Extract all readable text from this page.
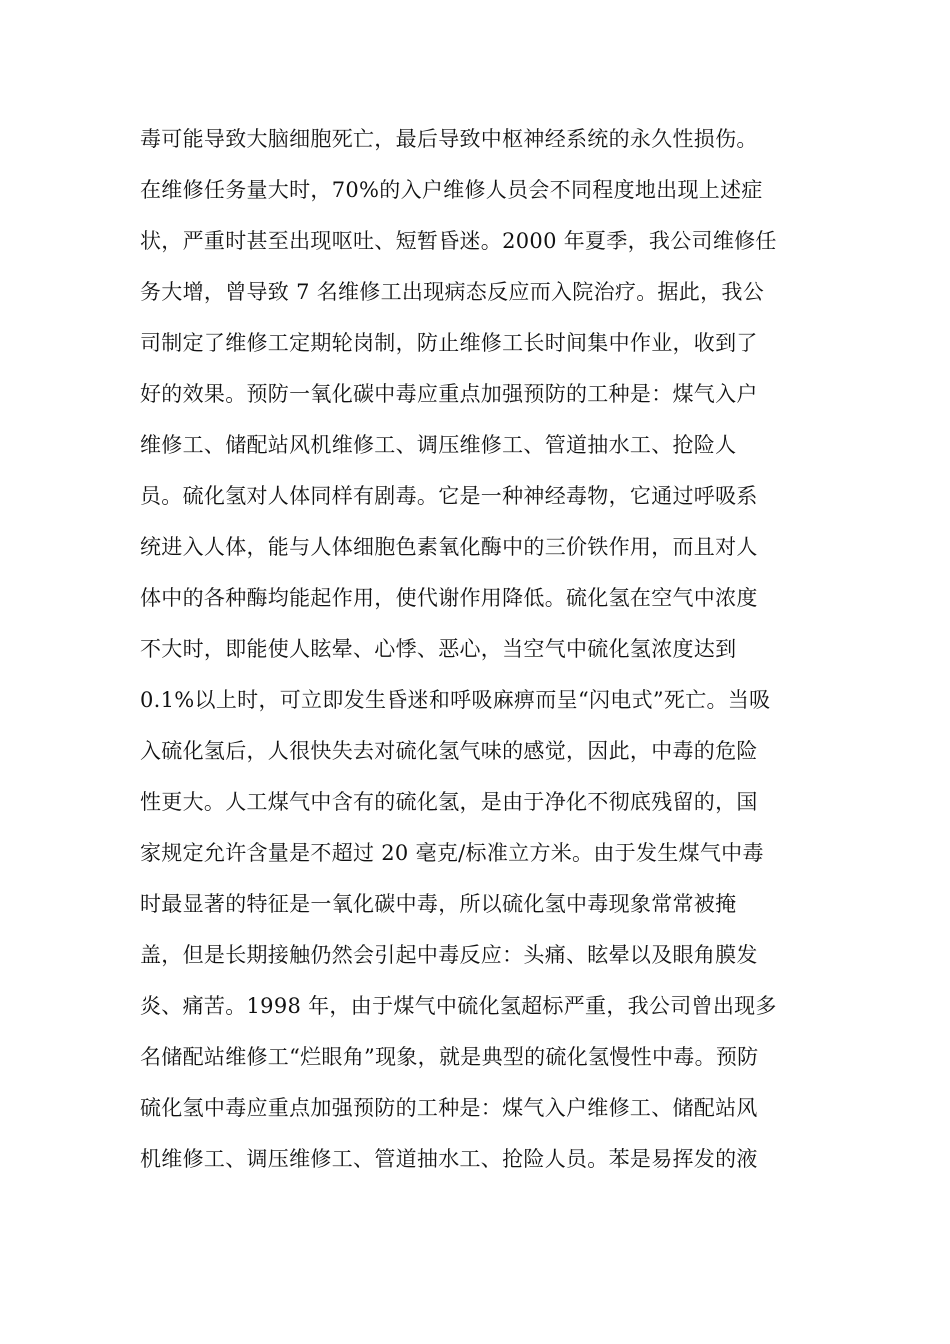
毒可能导致大脑细胞死亡，最后导致中枢神经系统的永久性损伤。
在维修任务量大时，70%的入户维修人员会不同程度地出现上述症
状，严重时甚至出现呕吐、短暂昏迷。2000 年夏季，我公司维修任
务大增，曾导致 7 名维修工出现病态反应而入院治疗。据此，我公
司制定了维修工定期轮岗制，防止维修工长时间集中作业，收到了
好的效果。预防一氧化碳中毒应重点加强预防的工种是：煤气入户
维修工、储配站风机维修工、调压维修工、管道抽水工、抢险人
员。硫化氢对人体同样有剧毒。它是一种神经毒物，它通过呼吸系
统进入人体，能与人体细胞色素氧化酶中的三价铁作用，而且对人
体中的各种酶均能起作用，使代谢作用降低。硫化氢在空气中浓度
不大时，即能使人眩晕、心悸、恶心，当空气中硫化氢浓度达到
0.1%以上时，可立即发生昏迷和呼吸麻痹而呈“闪电式”死亡。当吸
入硫化氢后，人很快失去对硫化氢气味的感觉，因此，中毒的危险
性更大。人工煤气中含有的硫化氢，是由于净化不彻底残留的，国
家规定允许含量是不超过 20 毫克/标准立方米。由于发生煤气中毒
时最显著的特征是一氧化碳中毒，所以硫化氢中毒现象常常被掩
盖，但是长期接触仍然会引起中毒反应：头痛、眩晕以及眼角膜发
炎、痛苦。1998 年，由于煤气中硫化氢超标严重，我公司曾出现多
名储配站维修工“烂眼角”现象，就是典型的硫化氢慢性中毒。预防
硫化氢中毒应重点加强预防的工种是：煤气入户维修工、储配站风
机维修工、调压维修工、管道抽水工、抢险人员。苯是易挥发的液
